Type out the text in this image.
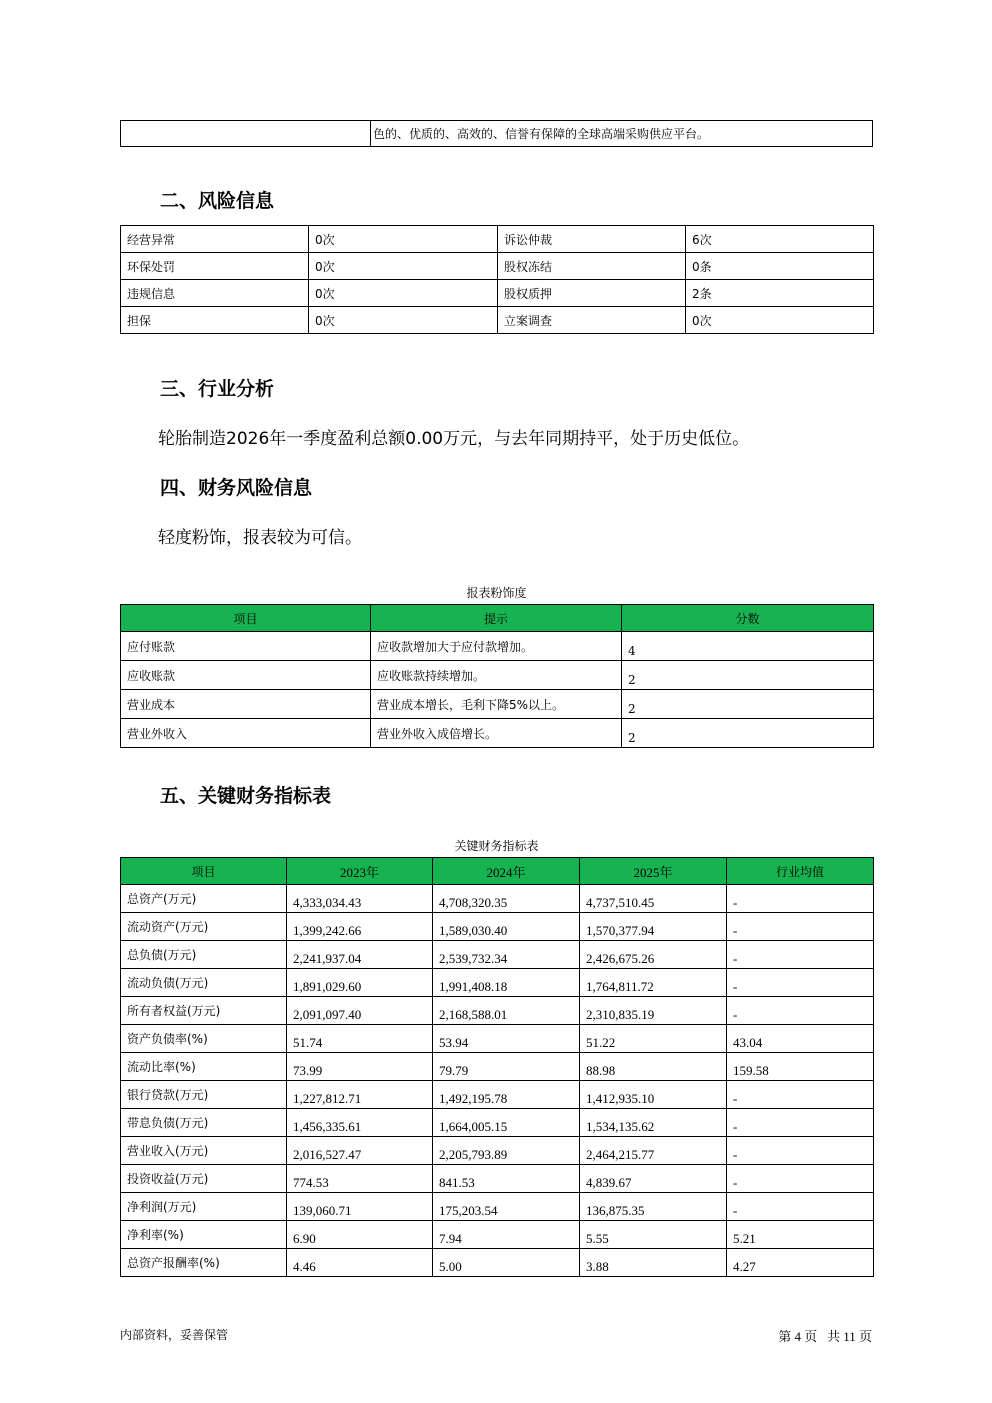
	色的、优质的、高效的、信誉有保障的全球高端采购供应平台。
二、风险信息
经营异常	0次	诉讼仲裁	6次
环保处罚	0次	股权冻结	0条
违规信息	0次	股权质押	2条
担保	0次	立案调查	0次
三、行业分析
轮胎制造2026年一季度盈利总额0.00万元，与去年同期持平，处于历史低位。
四、财务风险信息
轻度粉饰，报表较为可信。
报表粉饰度
项目	提示	分数
应付账款	应收款增加大于应付款增加。	4
应收账款	应收账款持续增加。	2
营业成本	营业成本增长，毛利下降5%以上。	2
营业外收入	营业外收入成倍增长。	2
五、关键财务指标表
关键财务指标表
项目	2023年	2024年	2025年	行业均值
总资产(万元)	4,333,034.43	4,708,320.35	4,737,510.45	-
流动资产(万元)	1,399,242.66	1,589,030.40	1,570,377.94	-
总负债(万元)	2,241,937.04	2,539,732.34	2,426,675.26	-
流动负债(万元)	1,891,029.60	1,991,408.18	1,764,811.72	-
所有者权益(万元)	2,091,097.40	2,168,588.01	2,310,835.19	-
资产负债率(%)	51.74	53.94	51.22	43.04
流动比率(%)	73.99	79.79	88.98	159.58
银行贷款(万元)	1,227,812.71	1,492,195.78	1,412,935.10	-
带息负债(万元)	1,456,335.61	1,664,005.15	1,534,135.62	-
营业收入(万元)	2,016,527.47	2,205,793.89	2,464,215.77	-
投资收益(万元)	774.53	841.53	4,839.67	-
净利润(万元)	139,060.71	175,203.54	136,875.35	-
净利率(%)	6.90	7.94	5.55	5.21
总资产报酬率(%)	4.46	5.00	3.88	4.27
内部资料，妥善保管	第 4 页   共 11 页
